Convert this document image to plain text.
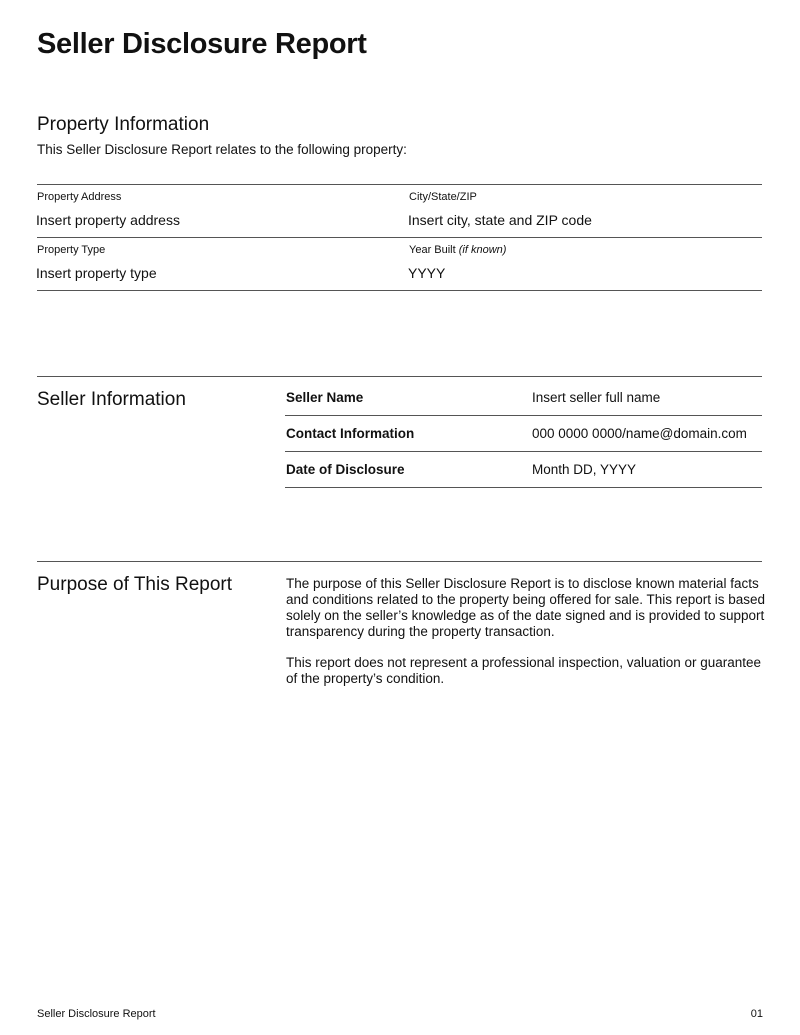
Seller Disclosure Report
Property Information
This Seller Disclosure Report relates to the following property:
Property Address
Insert property address
City/State/ZIP
Insert city, state and ZIP code
Property Type
Insert property type
Year Built (if known)
YYYY
Seller Information	Seller Name	Insert seller full name
Contact Information	000 0000 0000/name@domain.com
Date of Disclosure	Month DD, YYYY
Purpose of This Report	The purpose of this Seller Disclosure Report is to disclose known material facts and conditions related to the property being offered for sale. This report is based solely on the seller’s knowledge as of the date signed and is provided to support transparency during the property transaction.
This report does not represent a professional inspection, valuation or guarantee of the property’s condition.
Seller Disclosure Report	01
